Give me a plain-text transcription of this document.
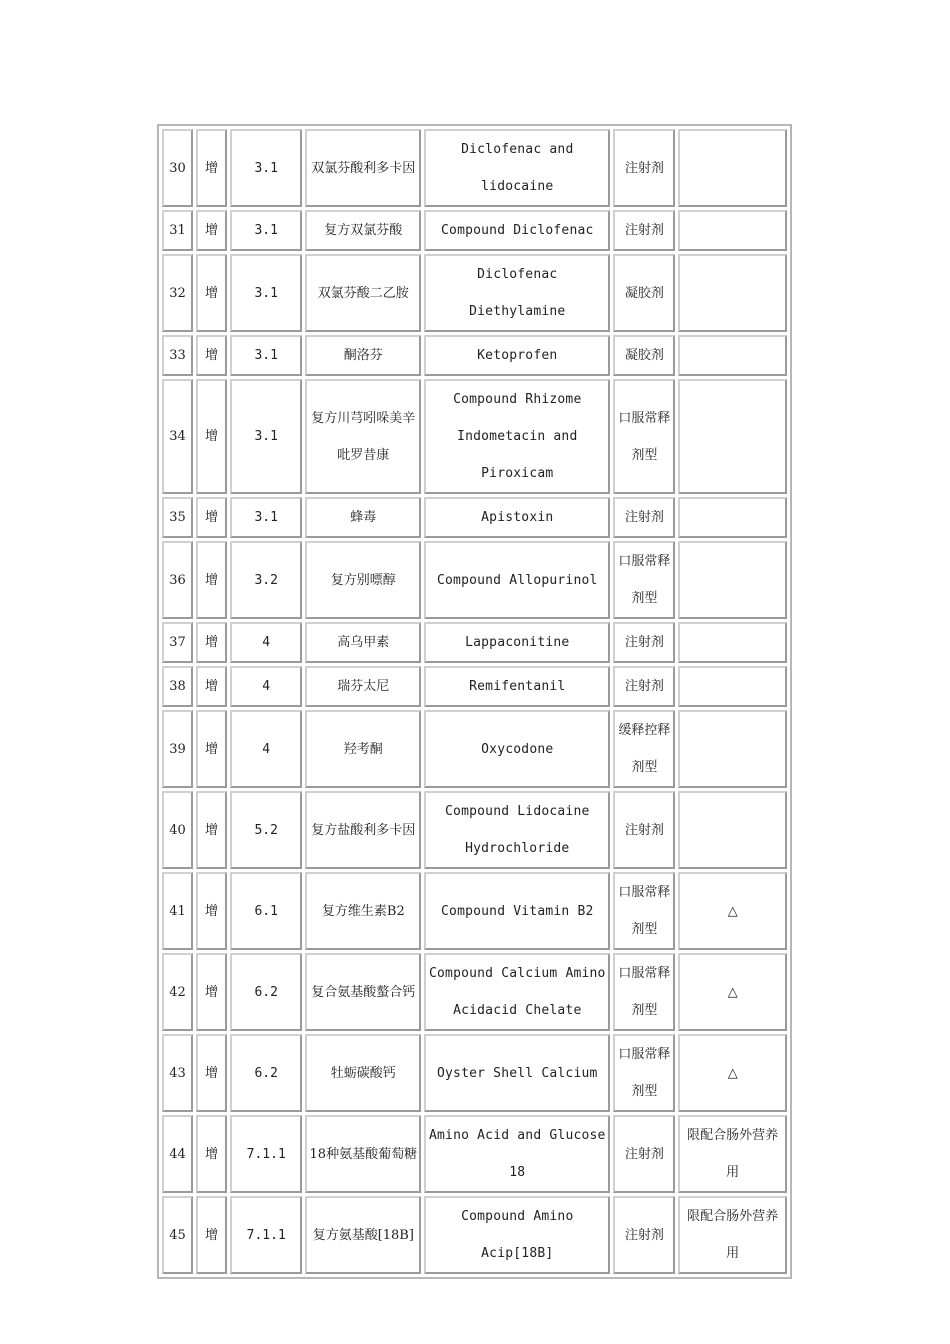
30	增	3.1	双氯芬酸利多卡因	Diclofenac and lidocaine	注射剂	
31	增	3.1	复方双氯芬酸	Compound Diclofenac	注射剂	
32	增	3.1	双氯芬酸二乙胺	Diclofenac Diethylamine	凝胶剂	
33	增	3.1	酮洛芬	Ketoprofen	凝胶剂	
34	增	3.1	复方川芎吲哚美辛吡罗昔康	Compound Rhizome Indometacin and Piroxicam	口服常释剂型	
35	增	3.1	蜂毒	Apistoxin	注射剂	
36	增	3.2	复方别嘌醇	Compound Allopurinol	口服常释剂型	
37	增	4	高乌甲素	Lappaconitine	注射剂	
38	增	4	瑞芬太尼	Remifentanil	注射剂	
39	增	4	羟考酮	Oxycodone	缓释控释剂型	
40	增	5.2	复方盐酸利多卡因	Compound Lidocaine Hydrochloride	注射剂	
41	增	6.1	复方维生素B2	Compound Vitamin B2	口服常释剂型	△
42	增	6.2	复合氨基酸螯合钙	Compound Calcium Amino Acidacid Chelate	口服常释剂型	△
43	增	6.2	牡蛎碳酸钙	Oyster Shell Calcium	口服常释剂型	△
44	增	7.1.1	18种氨基酸葡萄糖	Amino Acid and Glucose 18	注射剂	限配合肠外营养用
45	增	7.1.1	复方氨基酸[18B]	Compound Amino Acip[18B]	注射剂	限配合肠外营养用
